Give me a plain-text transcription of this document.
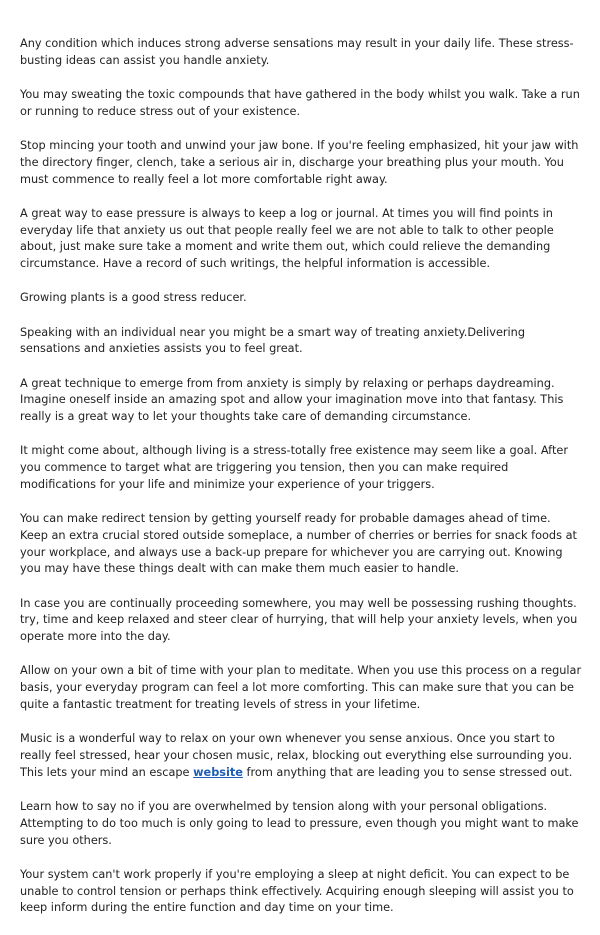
Any condition which induces strong adverse sensations may result in your daily life. These stress-busting ideas can assist you handle anxiety.

You may sweating the toxic compounds that have gathered in the body whilst you walk. Take a run or running to reduce stress out of your existence.

Stop mincing your tooth and unwind your jaw bone. If you're feeling emphasized, hit your jaw with the directory finger, clench, take a serious air in, discharge your breathing plus your mouth. You must commence to really feel a lot more comfortable right away.

A great way to ease pressure is always to keep a log or journal. At times you will find points in everyday life that anxiety us out that people really feel we are not able to talk to other people about, just make sure take a moment and write them out, which could relieve the demanding circumstance. Have a record of such writings, the helpful information is accessible.

Growing plants is a good stress reducer.

Speaking with an individual near you might be a smart way of treating anxiety.Delivering sensations and anxieties assists you to feel great.

A great technique to emerge from from anxiety is simply by relaxing or perhaps daydreaming. Imagine oneself inside an amazing spot and allow your imagination move into that fantasy. This really is a great way to let your thoughts take care of demanding circumstance.

It might come about, although living is a stress-totally free existence may seem like a goal. After you commence to target what are triggering you tension, then you can make required modifications for your life and minimize your experience of your triggers.

You can make redirect tension by getting yourself ready for probable damages ahead of time. Keep an extra crucial stored outside someplace, a number of cherries or berries for snack foods at your workplace, and always use a back-up prepare for whichever you are carrying out. Knowing you may have these things dealt with can make them much easier to handle.

In case you are continually proceeding somewhere, you may well be possessing rushing thoughts. try, time and keep relaxed and steer clear of hurrying, that will help your anxiety levels, when you operate more into the day.

Allow on your own a bit of time with your plan to meditate. When you use this process on a regular basis, your everyday program can feel a lot more comforting. This can make sure that you can be quite a fantastic treatment for treating levels of stress in your lifetime.

Music is a wonderful way to relax on your own whenever you sense anxious. Once you start to really feel stressed, hear your chosen music, relax, blocking out everything else surrounding you. This lets your mind an escape website from anything that are leading you to sense stressed out.

Learn how to say no if you are overwhelmed by tension along with your personal obligations. Attempting to do too much is only going to lead to pressure, even though you might want to make sure you others.

Your system can't work properly if you're employing a sleep at night deficit. You can expect to be unable to control tension or perhaps think effectively. Acquiring enough sleeping will assist you to keep inform during the entire function and day time on your time.
